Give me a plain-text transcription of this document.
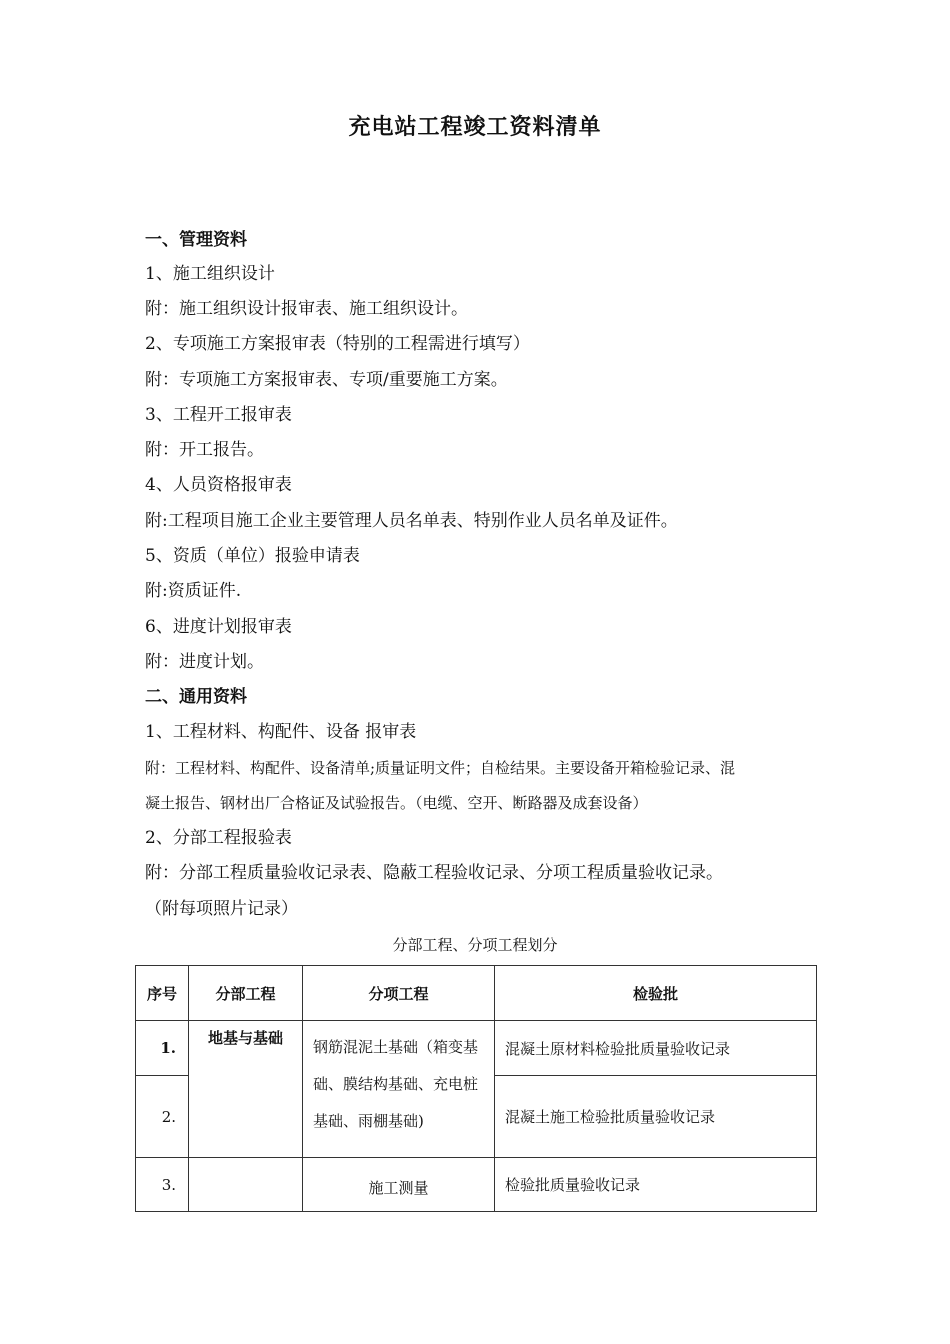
充电站工程竣工资料清单
一、管理资料
1、施工组织设计
附：施工组织设计报审表、施工组织设计。
2、专项施工方案报审表（特别的工程需进行填写）
附：专项施工方案报审表、专项/重要施工方案。
3、工程开工报审表
附：开工报告。
4、人员资格报审表
附:工程项目施工企业主要管理人员名单表、特别作业人员名单及证件。
5、资质（单位）报验申请表
附:资质证件.
6、进度计划报审表
附：进度计划。
二、通用资料
1、工程材料、构配件、设备 报审表
附：工程材料、构配件、设备清单;质量证明文件；自检结果。主要设备开箱检验记录、混
凝土报告、钢材出厂合格证及试验报告。（电缆、空开、断路器及成套设备）
2、分部工程报验表
附：分部工程质量验收记录表、隐蔽工程验收记录、分项工程质量验收记录。
（附每项照片记录）
分部工程、分项工程划分
序号	分部工程	分项工程	检验批
1.	地基与基础	钢筋混泥土基础（箱变基础、膜结构基础、充电桩基础、雨棚基础)	混凝土原材料检验批质量验收记录
2.			混凝土施工检验批质量验收记录
3.		施工测量	检验批质量验收记录
